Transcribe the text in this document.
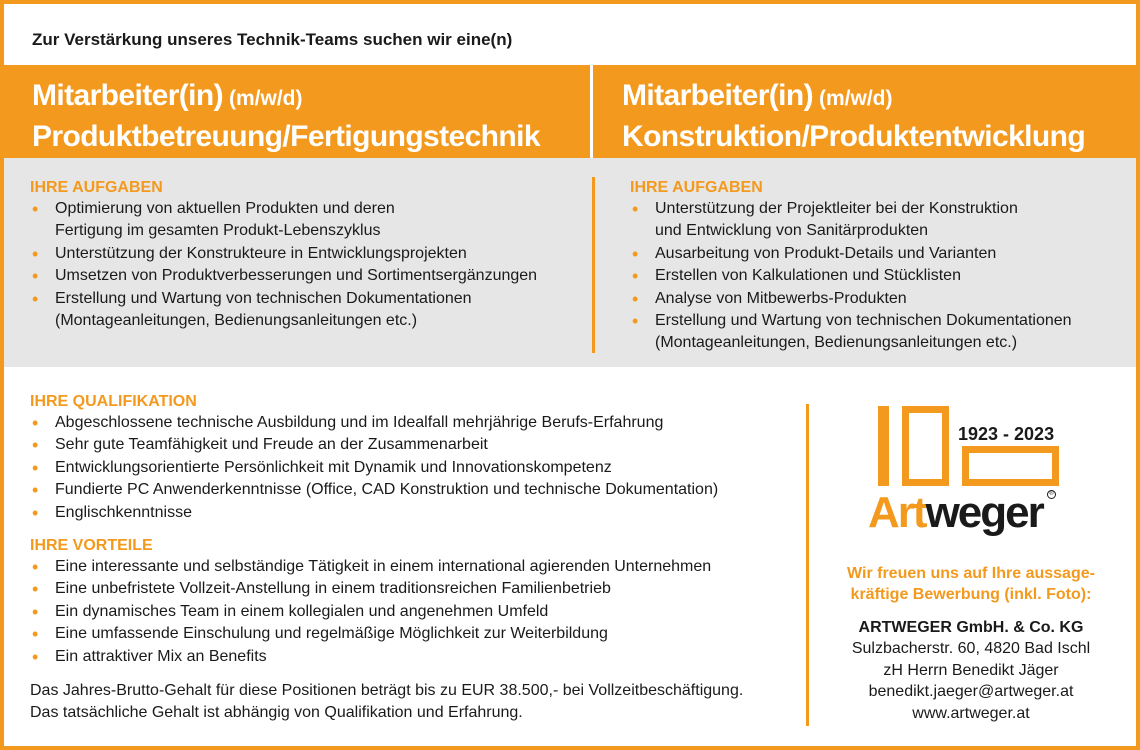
Zur Verstärkung unseres Technik-Teams suchen wir eine(n)
Mitarbeiter(in) (m/w/d)
Produktbetreuung/Fertigungstechnik
Mitarbeiter(in) (m/w/d)
Konstruktion/Produktentwicklung
IHRE AUFGABEN
• Optimierung von aktuellen Produkten und deren
Fertigung im gesamten Produkt-Lebenszyklus
• Unterstützung der Konstrukteure in Entwicklungsprojekten
• Umsetzen von Produktverbesserungen und Sortimentsergänzungen
• Erstellung und Wartung von technischen Dokumentationen
(Montageanleitungen, Bedienungsanleitungen etc.)
IHRE AUFGABEN
• Unterstützung der Projektleiter bei der Konstruktion
und Entwicklung von Sanitärprodukten
• Ausarbeitung von Produkt-Details und Varianten
• Erstellen von Kalkulationen und Stücklisten
• Analyse von Mitbewerbs-Produkten
• Erstellung und Wartung von technischen Dokumentationen
(Montageanleitungen, Bedienungsanleitungen etc.)
IHRE QUALIFIKATION
• Abgeschlossene technische Ausbildung und im Idealfall mehrjährige Berufs-Erfahrung
• Sehr gute Teamfähigkeit und Freude an der Zusammenarbeit
• Entwicklungsorientierte Persönlichkeit mit Dynamik und Innovationskompetenz
• Fundierte PC Anwenderkenntnisse (Office, CAD Konstruktion und technische Dokumentation)
• Englischkenntnisse
IHRE VORTEILE
• Eine interessante und selbständige Tätigkeit in einem international agierenden Unternehmen
• Eine unbefristete Vollzeit-Anstellung in einem traditionsreichen Familienbetrieb
• Ein dynamisches Team in einem kollegialen und angenehmen Umfeld
• Eine umfassende Einschulung und regelmäßige Möglichkeit zur Weiterbildung
• Ein attraktiver Mix an Benefits
Das Jahres-Brutto-Gehalt für diese Positionen beträgt bis zu EUR 38.500,- bei Vollzeitbeschäftigung.
Das tatsächliche Gehalt ist abhängig von Qualifikation und Erfahrung.
1923 - 2023
Artweger	®
Wir freuen uns auf Ihre aussage-
kräftige Bewerbung (inkl. Foto):
ARTWEGER GmbH. & Co. KG
Sulzbacherstr. 60, 4820 Bad Ischl
zH Herrn Benedikt Jäger
benedikt.jaeger@artweger.at
www.artweger.at
